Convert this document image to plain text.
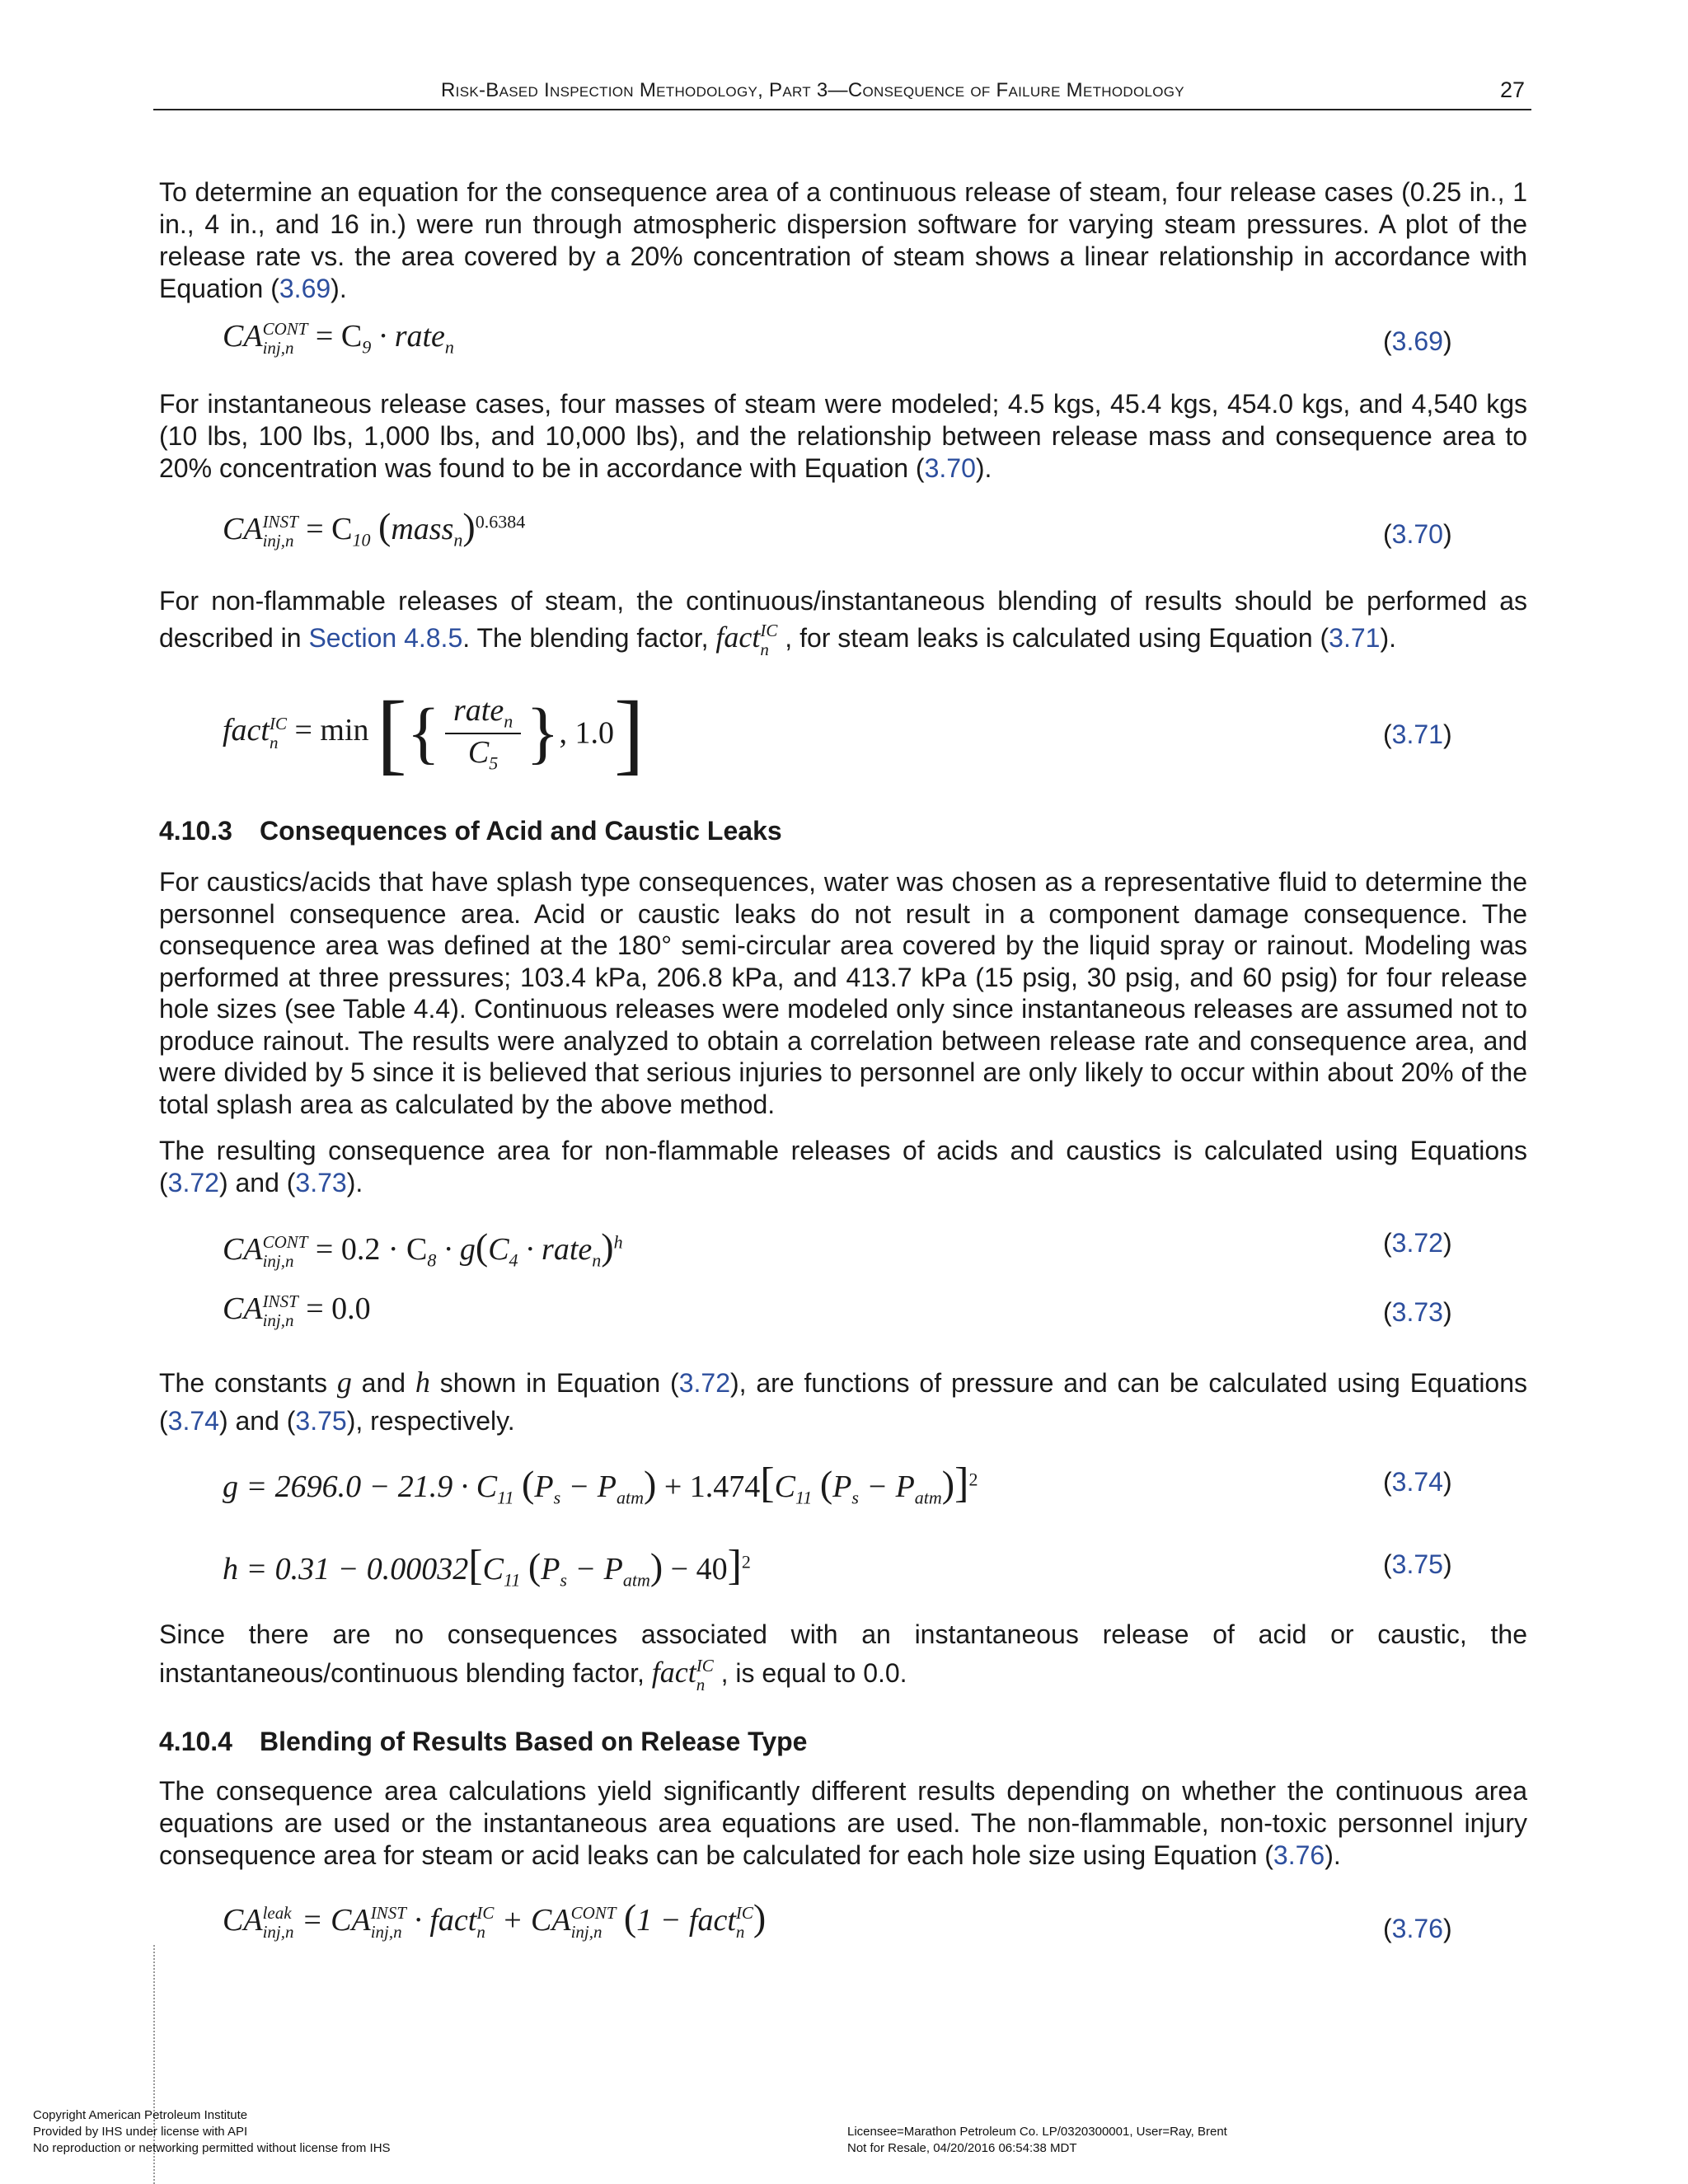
Risk-Based Inspection Methodology, Part 3—Consequence of Failure Methodology	27

To determine an equation for the consequence area of a continuous release of steam, four release cases (0.25 in., 1 in., 4 in., and 16 in.) were run through atmospheric dispersion software for varying steam pressures. A plot of the release rate vs. the area covered by a 20% concentration of steam shows a linear relationship in accordance with Equation (3.69).

CA CONT
$inj,n = C_9$ · rate$_n$	(3.69)

For instantaneous release cases, four masses of steam were modeled; 4.5 kgs, 45.4 kgs, 454.0 kgs, and 4,540 kgs (10 lbs, 100 lbs, 1,000 lbs, and 10,000 lbs), and the relationship between release mass and consequence area to 20% concentration was found to be in accordance with Equation (3.70).

CA INST
$inj,n = C_{10}$ (mass$_n$)$^{0.6384}$	(3.70)

For non-flammable releases of steam, the continuous/instantaneous blending of results should be performed as described in Section 4.8.5. The blending factor, fact IC
n , for steam leaks is calculated using Equation (3.71).

fact IC
n = min [{ $\frac{rate_n}{C_5}$ }, 1.0]	(3.71)
4.10.3 Consequences of Acid and Caustic Leaks

For caustics/acids that have splash type consequences, water was chosen as a representative fluid to determine the personnel consequence area. Acid or caustic leaks do not result in a component damage consequence. The consequence area was defined at the 180° semi-circular area covered by the liquid spray or rainout. Modeling was performed at three pressures; 103.4 kPa, 206.8 kPa, and 413.7 kPa (15 psig, 30 psig, and 60 psig) for four release hole sizes (see Table 4.4). Continuous releases were modeled only since instantaneous releases are assumed not to produce rainout. The results were analyzed to obtain a correlation between release rate and consequence area, and were divided by 5 since it is believed that serious injuries to personnel are only likely to occur within about 20% of the total splash area as calculated by the above method.

The resulting consequence area for non-flammable releases of acids and caustics is calculated using Equations (3.72) and (3.73).

CA CONT
$inj,n = 0.2 \cdot C_8 \cdot g(C_4$ · rate$_n$)$^h$	(3.72)
CA INST
inj,n = 0.0	(3.73)

The constants g and h shown in Equation (3.72), are functions of pressure and can be calculated using Equations (3.74) and (3.75), respectively.

$g = 2696.0 - 21.9 \cdot C_{11}$ $(P_s - P_{atm}) + 1.474[C_{11}$ $(P_s - P_{atm})]^2$	(3.74)
$h = 0.31 - 0.00032[C_{11}$ $(P_s - P_{atm}) - 40]^2$	(3.75)

Since there are no consequences associated with an instantaneous release of acid or caustic, the instantaneous/continuous blending factor, fact IC
n , is equal to 0.0.

4.10.4 Blending of Results Based on Release Type

The consequence area calculations yield significantly different results depending on whether the continuous area equations are used or the instantaneous area equations are used. The non-flammable, non-toxic personnel injury consequence area for steam or acid leaks can be calculated for each hole size using Equation (3.76).

CA leak
inj,n = CA INST
inj,n · fact IC
n + CA CONT
inj,n (1 − fact IC
n )	(3.76)
Copyright American Petroleum Institute
Provided by IHS under license with API
No reproduction or networking permitted without license from IHS
Licensee=Marathon Petroleum Co. LP/0320300001, User=Ray, Brent
Not for Resale, 04/20/2016 06:54:38 MDT
